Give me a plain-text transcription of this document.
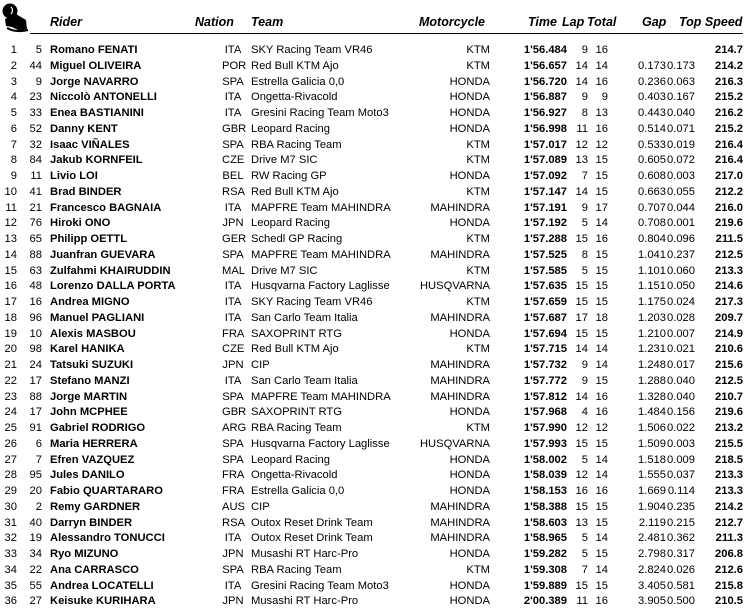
Rider	Nation Team	Motorcycle	Time Lap Total Gap Top Speed
1	5 Romano FENATI	ITA SKY Racing Team VR46	KTM	1'56.484	9 16	214.7
2	44 Miguel OLIVEIRA	POR Red Bull KTM Ajo	KTM	1'56.657 14 14	0.173 0.173	214.2
3	9 Jorge NAVARRO	SPA Estrella Galicia 0,0	HONDA	1'56.720 14 16	0.236 0.063	216.3
4	23 Niccolò ANTONELLI	ITA Ongetta-Rivacold	HONDA	1'56.887	9	9	0.403 0.167	215.2
5	33 Enea BASTIANINI	ITA Gresini Racing Team Moto3	HONDA	1'56.927	8 13	0.443 0.040	216.2
6	52 Danny KENT	GBR Leopard Racing	HONDA	1'56.998 11 16	0.514 0.071	215.2
7	32 Isaac VIÑALES	SPA RBA Racing Team	KTM	1'57.017 12 12	0.533 0.019	216.4
8	84 Jakub KORNFEIL	CZE Drive M7 SIC	KTM	1'57.089 13 15	0.605 0.072	216.4
9	11 Livio LOI	BEL RW Racing GP	HONDA	1'57.092	7 15	0.608 0.003	217.0
10	41 Brad BINDER	RSA Red Bull KTM Ajo	KTM	1'57.147 14 15	0.663 0.055	212.2
11	21 Francesco BAGNAIA	ITA MAPFRE Team MAHINDRA	MAHINDRA	1'57.191	9 17	0.707 0.044	216.0
12	76 Hiroki ONO	JPN Leopard Racing	HONDA	1'57.192	5 14	0.708 0.001	219.6
13	65 Philipp OETTL	GER Schedl GP Racing	KTM	1'57.288 15 16	0.804 0.096	211.5
14	88 Juanfran GUEVARA	SPA MAPFRE Team MAHINDRA	MAHINDRA	1'57.525	8 15	1.041 0.237	212.5
15	63 Zulfahmi KHAIRUDDIN	MAL Drive M7 SIC	KTM	1'57.585	5 15	1.101 0.060	213.3
16	48 Lorenzo DALLA PORTA	ITA Husqvarna Factory Laglisse	HUSQVARNA	1'57.635 15 15	1.151 0.050	214.6
17	16 Andrea MIGNO	ITA SKY Racing Team VR46	KTM	1'57.659 15 15	1.175 0.024	217.3
18	96 Manuel PAGLIANI	ITA San Carlo Team Italia	MAHINDRA	1'57.687 17 18	1.203 0.028	209.7
19	10 Alexis MASBOU	FRA SAXOPRINT RTG	HONDA	1'57.694 15 15	1.210 0.007	214.9
20	98 Karel HANIKA	CZE Red Bull KTM Ajo	KTM	1'57.715 14 14	1.231 0.021	210.6
21	24 Tatsuki SUZUKI	JPN CIP	MAHINDRA	1'57.732	9 14	1.248 0.017	215.6
22	17 Stefano MANZI	ITA San Carlo Team Italia	MAHINDRA	1'57.772	9 15	1.288 0.040	212.5
23	88 Jorge MARTIN	SPA MAPFRE Team MAHINDRA	MAHINDRA	1'57.812 14 16	1.328 0.040	210.7
24	17 John MCPHEE	GBR SAXOPRINT RTG	HONDA	1'57.968	4 16	1.484 0.156	219.6
25	91 Gabriel RODRIGO	ARG RBA Racing Team	KTM	1'57.990 12 12	1.506 0.022	213.2
26	6 Maria HERRERA	SPA Husqvarna Factory Laglisse	HUSQVARNA	1'57.993 15 15	1.509 0.003	215.5
27	7 Efren VAZQUEZ	SPA Leopard Racing	HONDA	1'58.002	5 14	1.518 0.009	218.5
28	95 Jules DANILO	FRA Ongetta-Rivacold	HONDA	1'58.039 12 14	1.555 0.037	213.3
29	20 Fabio QUARTARARO	FRA Estrella Galicia 0,0	HONDA	1'58.153 16 16	1.669 0.114	213.3
30	2 Remy GARDNER	AUS CIP	MAHINDRA	1'58.388 15 15	1.904 0.235	214.2
31	40 Darryn BINDER	RSA Outox Reset Drink Team	MAHINDRA	1'58.603 13 15	2.119 0.215	212.7
32	19 Alessandro TONUCCI	ITA Outox Reset Drink Team	MAHINDRA	1'58.965	5 14	2.481 0.362	211.3
33	34 Ryo MIZUNO	JPN Musashi RT Harc-Pro	HONDA	1'59.282	5 15	2.798 0.317	206.8
34	22 Ana CARRASCO	SPA RBA Racing Team	KTM	1'59.308	7 14	2.824 0.026	212.6
35	55 Andrea LOCATELLI	ITA Gresini Racing Team Moto3	HONDA	1'59.889 15 15	3.405 0.581	215.8
36	27 Keisuke KURIHARA	JPN Musashi RT Harc-Pro	HONDA	2'00.389 11 16	3.905 0.500	210.5
